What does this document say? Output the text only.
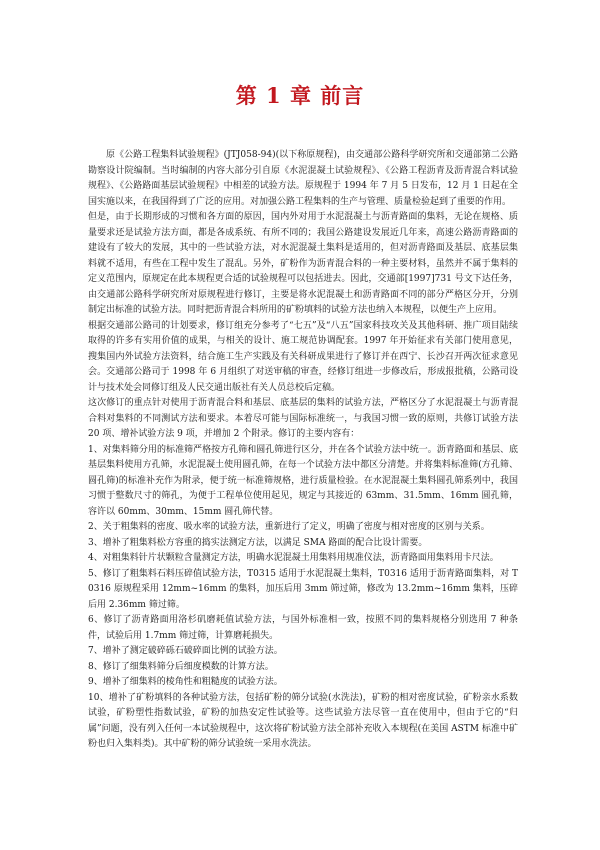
第 1 章 前言

原《公路工程集料试验规程》(JTJ058-94)(以下称原规程)，由交通部公路科学研究所和交通部第二公路勘察设计院编制。当时编制的内容大部分引自原《水泥混凝土试验规程》、《公路工程沥青及沥青混合料试验规程》、《公路路面基层试验规程》中相差的试验方法。原规程于 1994 年 7 月 5 日发布，12 月 1 日起在全国实施以来，在我国得到了广泛的应用。对加强公路工程集料的生产与管理、质量检验起到了重要的作用。

但是，由于长期形成的习惯和各方面的原因，国内外对用于水泥混凝土与沥青路面的集料，无论在规格、质量要求还是试验方法方面，都是各成系统、有所不同的；我国公路建设发展近几年来，高速公路沥青路面的建设有了较大的发展，其中的一些试验方法，对水泥混凝土集料是适用的，但对沥青路面及基层、底基层集料就不适用，有些在工程中发生了混乱。另外，矿粉作为沥青混合料的一种主要材料，虽然并不属于集料的定义范围内，原规定在此本规程更合适的试验规程可以包括进去。因此，交通部[1997]731 号文下达任务，由交通部公路科学研究所对原规程进行修订，主要是将水泥混凝土和沥青路面不同的部分严格区分开，分别制定出标准的试验方法。同时把沥青混合料所用的矿粉填料的试验方法也纳入本规程，以便生产上应用。

根据交通部公路司的计划要求，修订组充分参考了“七五”及“八五”国家科技攻关及其他科研、推广项目陆续取得的许多有实用价值的成果，与相关的设计、施工规范协调配套。1997 年开始征求有关部门使用意见，搜集国内外试验方法资料，结合施工生产实践及有关科研成果进行了修订并在西宁、长沙召开两次征求意见会。交通部公路司于 1998 年 6 月组织了对送审稿的审查，经修订组进一步修改后，形成报批稿，公路司设计与技术处会同修订组及人民交通出版社有关人员总校后定稿。

这次修订的重点针对使用于沥青混合料和基层、底基层的集料的试验方法，严格区分了水泥混凝土与沥青混合料对集料的不同测试方法和要求。本着尽可能与国际标准统一，与我国习惯一致的原则，共修订试验方法 20 项、增补试验方法 9 项，并增加 2 个附录。修订的主要内容有：

1、对集料筛分用的标准筛严格按方孔筛和圆孔筛进行区分，并在各个试验方法中统一。沥青路面和基层、底基层集料使用方孔筛，水泥混凝土使用圆孔筛，在每一个试验方法中都区分清楚。并将集料标准筛(方孔筛、圆孔筛)的标准补充作为附录，便于统一标准筛规格，进行质量检验。在水泥混凝土集料圆孔筛系列中，我国习惯于整数尺寸的筛孔，为便于工程单位使用起见，规定与其接近的 63mm、31.5mm、16mm 圆孔筛，容许以 60mm、30mm、15mm 圆孔筛代替。

2、关于粗集料的密度、吸水率的试验方法，重新进行了定义，明确了密度与相对密度的区别与关系。

3、增补了粗集料松方容重的捣实法测定方法，以满足 SMA 路面的配合比设计需要。

4、对粗集料针片状颗粒含量测定方法，明确水泥混凝土用集料用规准仪法，沥青路面用集料用卡尺法。

5、修订了粗集料石料压碎值试验方法，T0315 适用于水泥混凝土集料，T0316 适用于沥青路面集料，对 T0316 原规程采用 12mm~16mm 的集料，加压后用 3mm 筛过筛，修改为 13.2mm~16mm 集料，压碎后用 2.36mm 筛过筛。

6、修订了沥青路面用洛杉矶磨耗值试验方法，与国外标准相一致，按照不同的集料规格分别选用 7 种条件，试验后用 1.7mm 筛过筛，计算磨耗损失。

7、增补了测定破碎砾石破碎面比例的试验方法。

8、修订了细集料筛分后细度模数的计算方法。

9、增补了细集料的棱角性和粗糙度的试验方法。

10、增补了矿粉填料的各种试验方法，包括矿粉的筛分试验(水洗法)，矿粉的相对密度试验，矿粉亲水系数试验，矿粉塑性指数试验，矿粉的加热安定性试验等。这些试验方法尽管一直在使用中，但由于它的“归属”问题，没有列入任何一本试验规程中，这次将矿粉试验方法全部补充收入本规程(在美国 ASTM 标准中矿粉也归入集料类)。其中矿粉的筛分试验统一采用水洗法。
